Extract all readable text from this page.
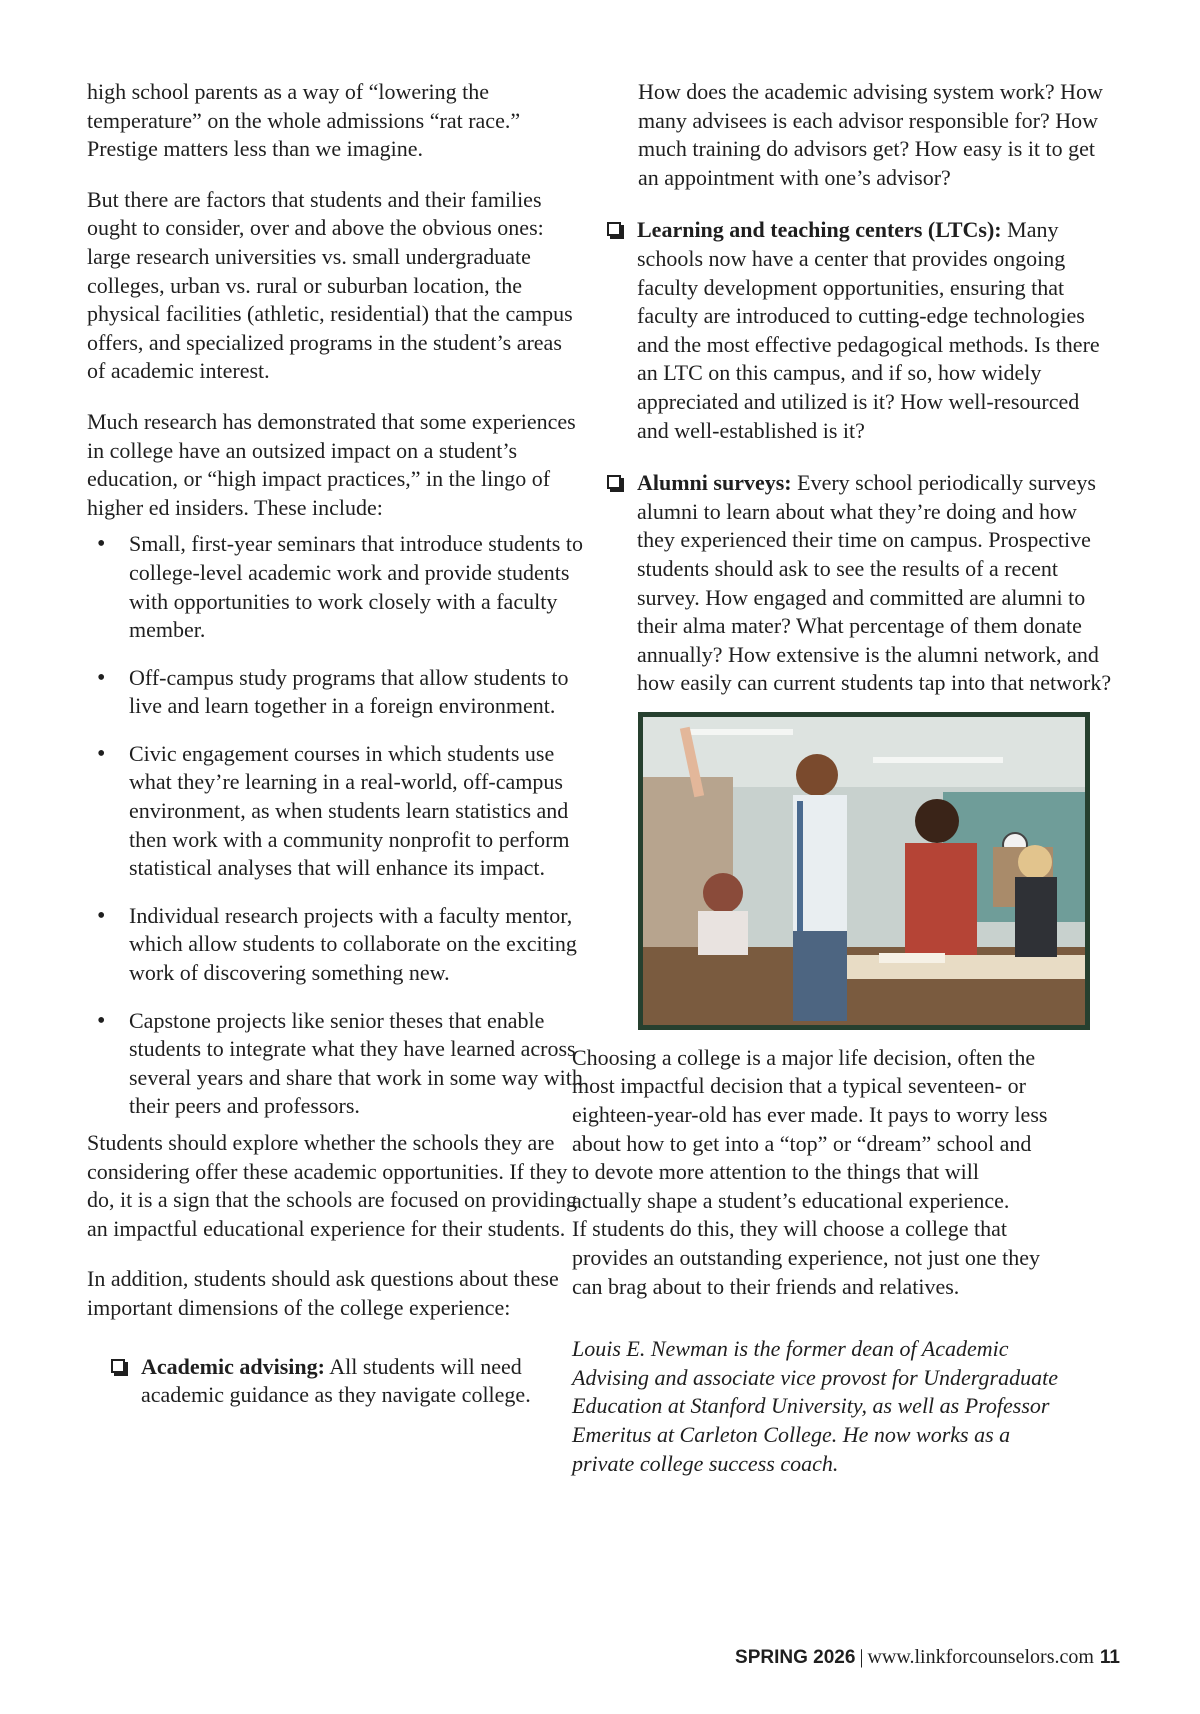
high school parents as a way of “lowering the temperature” on the whole admissions “rat race.” Prestige matters less than we imagine.

But there are factors that students and their families ought to consider, over and above the obvious ones: large research universities vs. small undergraduate colleges, urban vs. rural or suburban location, the physical facilities (athletic, residential) that the campus offers, and specialized programs in the student’s areas of academic interest.

Much research has demonstrated that some experiences in college have an outsized impact on a student’s education, or “high impact practices,” in the lingo of higher ed insiders. These include:

• Small, first-year seminars that introduce students to college-level academic work and provide students with opportunities to work closely with a faculty member.
• Off-campus study programs that allow students to live and learn together in a foreign environment.
• Civic engagement courses in which students use what they’re learning in a real-world, off-campus environment, as when students learn statistics and then work with a community nonprofit to perform statistical analyses that will enhance its impact.
• Individual research projects with a faculty mentor, which allow students to collaborate on the exciting work of discovering something new.
• Capstone projects like senior theses that enable students to integrate what they have learned across several years and share that work in some way with their peers and professors.

Students should explore whether the schools they are considering offer these academic opportunities. If they do, it is a sign that the schools are focused on providing an impactful educational experience for their students.

In addition, students should ask questions about these important dimensions of the college experience:

Academic advising: All students will need academic guidance as they navigate college.

How does the academic advising system work? How many advisees is each advisor responsible for? How much training do advisors get? How easy is it to get an appointment with one’s advisor?

Learning and teaching centers (LTCs): Many schools now have a center that provides ongoing faculty development opportunities, ensuring that faculty are introduced to cutting-edge technologies and the most effective pedagogical methods. Is there an LTC on this campus, and if so, how widely appreciated and utilized is it? How well-resourced and well-established is it?
Alumni surveys: Every school periodically surveys alumni to learn about what they’re doing and how they experienced their time on campus. Prospective students should ask to see the results of a recent survey. How engaged and committed are alumni to their alma mater? What percentage of them donate annually? How extensive is the alumni network, and how easily can current students tap into that network?

Choosing a college is a major life decision, often the most impactful decision that a typical seventeen- or eighteen-year-old has ever made. It pays to worry less about how to get into a “top” or “dream” school and to devote more attention to the things that will actually shape a student’s educational experience.

If students do this, they will choose a college that provides an outstanding experience, not just one they can brag about to their friends and relatives.

Louis E. Newman is the former dean of Academic Advising and associate vice provost for Undergraduate Education at Stanford University, as well as Professor Emeritus at Carleton College. He now works as a private college success coach.

SPRING 2026 | www.linkforcounselors.com 11
